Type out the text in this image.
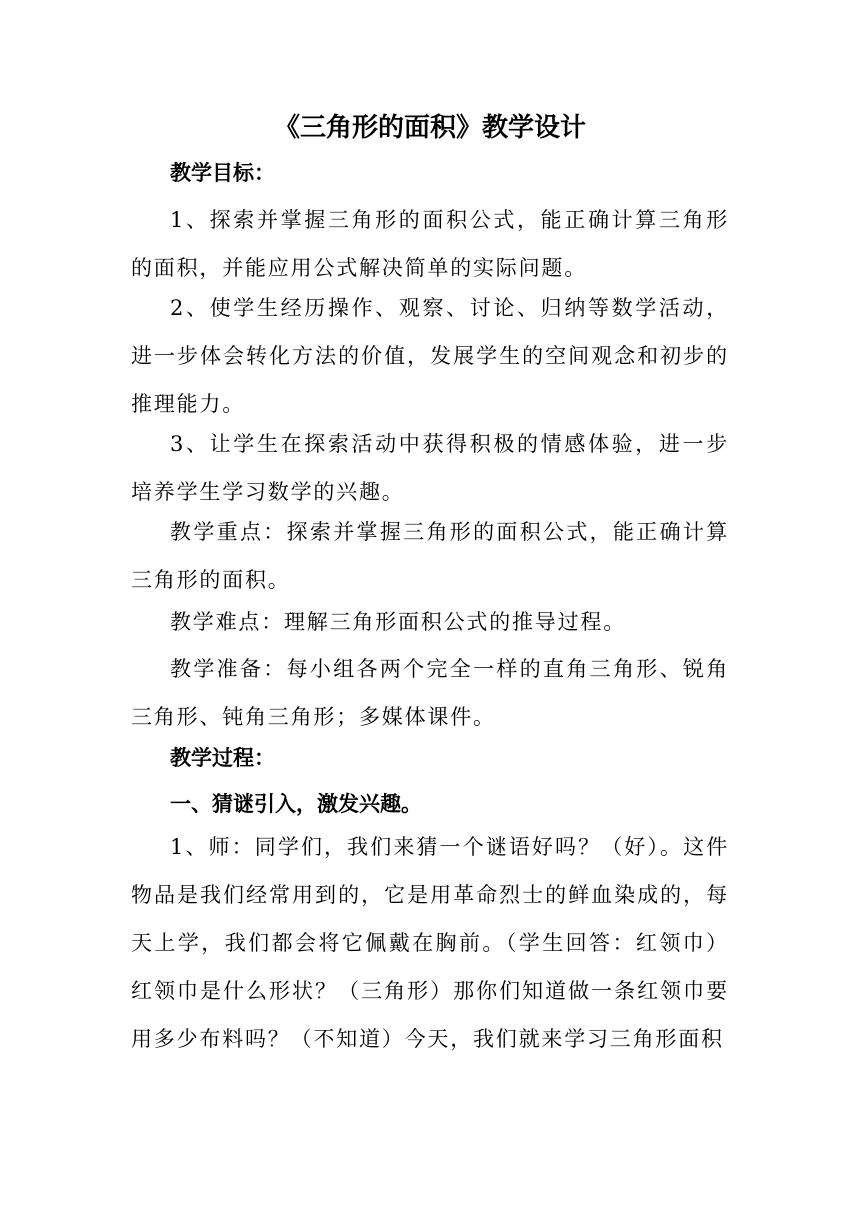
《三角形的面积》教学设计
教学目标：
1、探索并掌握三角形的面积公式，能正确计算三角形的面积，并能应用公式解决简单的实际问题。
2、使学生经历操作、观察、讨论、归纳等数学活动，进一步体会转化方法的价值，发展学生的空间观念和初步的推理能力。
3、让学生在探索活动中获得积极的情感体验，进一步培养学生学习数学的兴趣。
教学重点：探索并掌握三角形的面积公式，能正确计算三角形的面积。
教学难点：理解三角形面积公式的推导过程。
教学准备：每小组各两个完全一样的直角三角形、锐角三角形、钝角三角形；多媒体课件。
教学过程：
一、猜谜引入，激发兴趣。
1、师：同学们，我们来猜一个谜语好吗？（好）。这件物品是我们经常用到的，它是用革命烈士的鲜血染成的，每天上学，我们都会将它佩戴在胸前。（学生回答：红领巾）红领巾是什么形状？（三角形）那你们知道做一条红领巾要用多少布料吗？（不知道）今天，我们就来学习三角形面积
